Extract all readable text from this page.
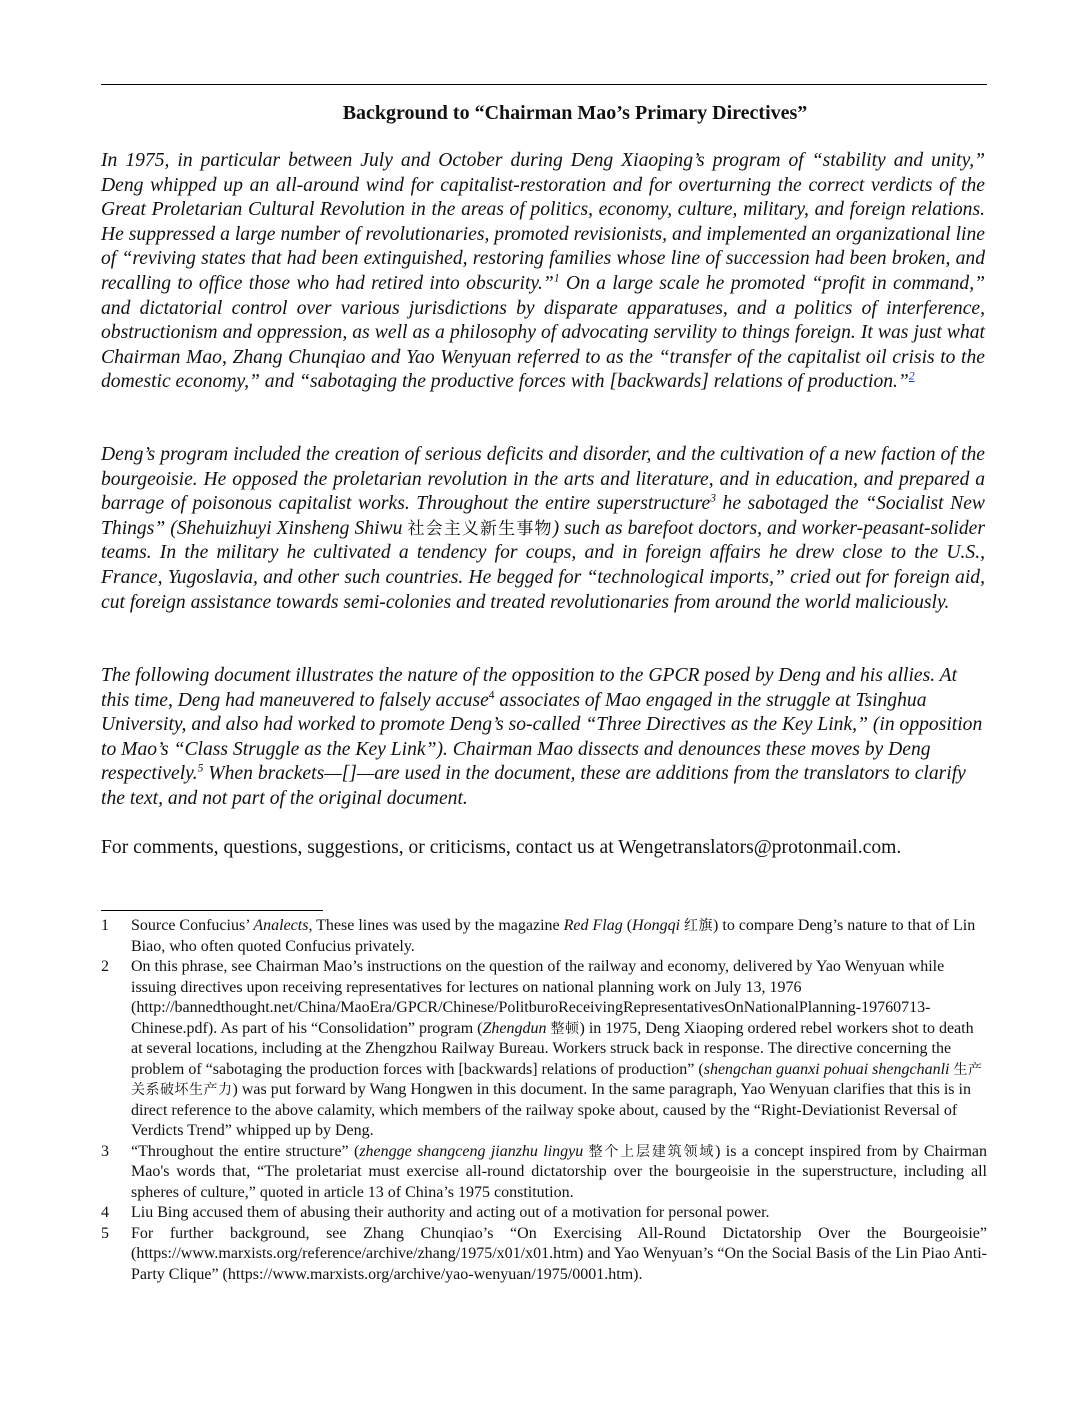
Background to “Chairman Mao’s Primary Directives”
In 1975, in particular between July and October during Deng Xiaoping’s program of “stability and unity,” Deng whipped up an all-around wind for capitalist-restoration and for overturning the correct verdicts of the Great Proletarian Cultural Revolution in the areas of politics, economy, culture, military, and foreign relations. He suppressed a large number of revolutionaries, promoted revisionists, and implemented an organizational line of “reviving states that had been extinguished, restoring families whose line of succession had been broken, and recalling to office those who had retired into obscurity.”$^1$ On a large scale he promoted “profit in command,” and dictatorial control over various jurisdictions by disparate apparatuses, and a politics of interference, obstructionism and oppression, as well as a philosophy of advocating servility to things foreign. It was just what Chairman Mao, Zhang Chunqiao and Yao Wenyuan referred to as the “transfer of the capitalist oil crisis to the domestic economy,” and “sabotaging the productive forces with [backwards] relations of production.”$^2$
Deng’s program included the creation of serious deficits and disorder, and the cultivation of a new faction of the bourgeoisie. He opposed the proletarian revolution in the arts and literature, and in education, and prepared a barrage of poisonous capitalist works. Throughout the entire superstructure$^3$ he sabotaged the “Socialist New Things” (Shehuizhuyi Xinsheng Shiwu 社会主义新生事物) such as barefoot doctors, and worker-peasant-solider teams. In the military he cultivated a tendency for coups, and in foreign affairs he drew close to the U.S., France, Yugoslavia, and other such countries. He begged for “technological imports,” cried out for foreign aid, cut foreign assistance towards semi-colonies and treated revolutionaries from around the world maliciously.
The following document illustrates the nature of the opposition to the GPCR posed by Deng and his allies. At this time, Deng had maneuvered to falsely accuse$^4$ associates of Mao engaged in the struggle at Tsinghua University, and also had worked to promote Deng’s so-called “Three Directives as the Key Link,” (in opposition to Mao’s “Class Struggle as the Key Link”). Chairman Mao dissects and denounces these moves by Deng respectively.$^5$ When brackets—[]—are used in the document, these are additions from the translators to clarify the text, and not part of the original document.
For comments, questions, suggestions, or criticisms, contact us at Wengetranslators@protonmail.com.
1	Source Confucius’ Analects, These lines was used by the magazine Red Flag (Hongqi 红旗) to compare Deng’s nature to that of Lin Biao, who often quoted Confucius privately.
2	On this phrase, see Chairman Mao’s instructions on the question of the railway and economy, delivered by Yao Wenyuan while issuing directives upon receiving representatives for lectures on national planning work on July 13, 1976 (http://bannedthought.net/China/MaoEra/GPCR/Chinese/PolitburoReceivingRepresentativesOnNationalPlanning-19760713-Chinese.pdf). As part of his “Consolidation” program (Zhengdun 整顿) in 1975, Deng Xiaoping ordered rebel workers shot to death at several locations, including at the Zhengzhou Railway Bureau. Workers struck back in response. The directive concerning the problem of “sabotaging the production forces with [backwards] relations of production” (shengchan guanxi pohuai shengchanli 生产关系破坏生产力) was put forward by Wang Hongwen in this document. In the same paragraph, Yao Wenyuan clarifies that this is in direct reference to the above calamity, which members of the railway spoke about, caused by the “Right-Deviationist Reversal of Verdicts Trend” whipped up by Deng.
3	“Throughout the entire structure” (zhengge shangceng jianzhu lingyu 整个上层建筑领域) is a concept inspired from by Chairman Mao's words that, “The proletariat must exercise all-round dictatorship over the bourgeoisie in the superstructure, including all spheres of culture,” quoted in article 13 of China’s 1975 constitution.
4	Liu Bing accused them of abusing their authority and acting out of a motivation for personal power.
5	For further background, see Zhang Chunqiao’s “On Exercising All-Round Dictatorship Over the Bourgeoisie” (https://www.marxists.org/reference/archive/zhang/1975/x01/x01.htm) and Yao Wenyuan’s “On the Social Basis of the Lin Piao Anti-Party Clique” (https://www.marxists.org/archive/yao-wenyuan/1975/0001.htm).
